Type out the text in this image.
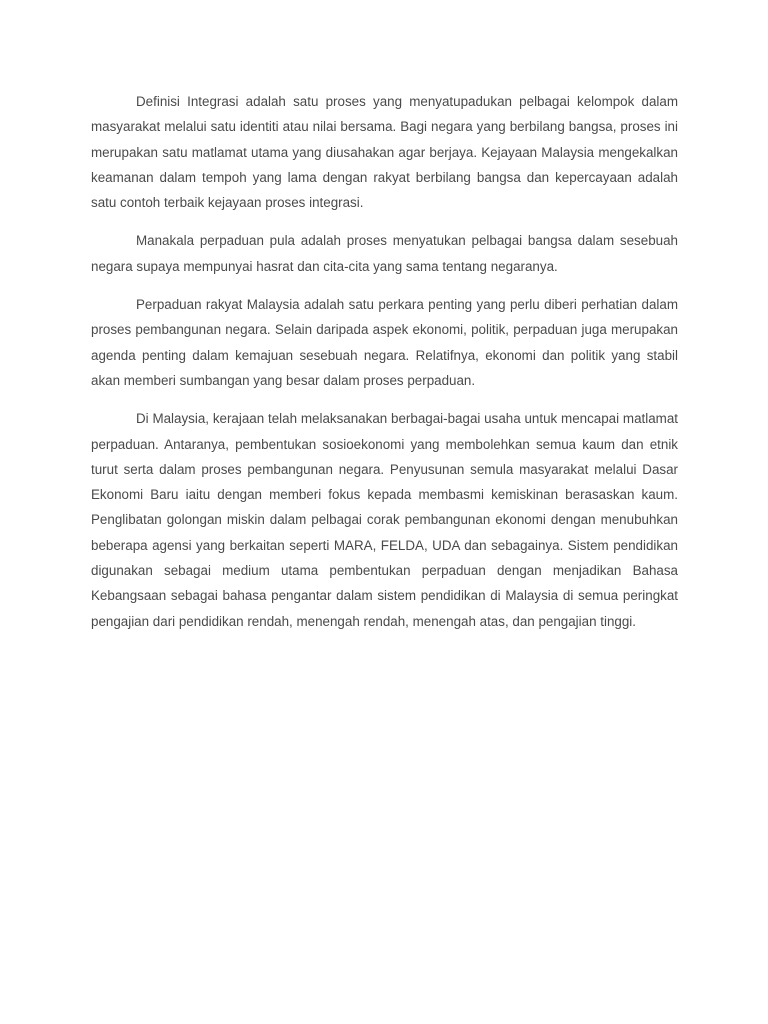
Definisi Integrasi adalah satu proses yang menyatupadukan pelbagai kelompok dalam masyarakat melalui satu identiti atau nilai bersama. Bagi negara yang berbilang bangsa, proses ini merupakan satu matlamat utama yang diusahakan agar berjaya. Kejayaan Malaysia mengekalkan keamanan dalam tempoh yang lama dengan rakyat berbilang bangsa dan kepercayaan adalah satu contoh terbaik kejayaan proses integrasi.

Manakala perpaduan pula adalah proses menyatukan pelbagai bangsa dalam sesebuah negara supaya mempunyai hasrat dan cita-cita yang sama tentang negaranya.

Perpaduan rakyat Malaysia adalah satu perkara penting yang perlu diberi perhatian dalam proses pembangunan negara. Selain daripada aspek ekonomi, politik, perpaduan juga merupakan agenda penting dalam kemajuan sesebuah negara. Relatifnya, ekonomi dan politik yang stabil akan memberi sumbangan yang besar dalam proses perpaduan.

Di Malaysia, kerajaan telah melaksanakan berbagai-bagai usaha untuk mencapai matlamat perpaduan. Antaranya, pembentukan sosioekonomi yang membolehkan semua kaum dan etnik turut serta dalam proses pembangunan negara. Penyusunan semula masyarakat melalui Dasar Ekonomi Baru iaitu dengan memberi fokus kepada membasmi kemiskinan berasaskan kaum. Penglibatan golongan miskin dalam pelbagai corak pembangunan ekonomi dengan menubuhkan beberapa agensi yang berkaitan seperti MARA, FELDA, UDA dan sebagainya. Sistem pendidikan digunakan sebagai medium utama pembentukan perpaduan dengan menjadikan Bahasa Kebangsaan sebagai bahasa pengantar dalam sistem pendidikan di Malaysia di semua peringkat pengajian dari pendidikan rendah, menengah rendah, menengah atas, dan pengajian tinggi.
